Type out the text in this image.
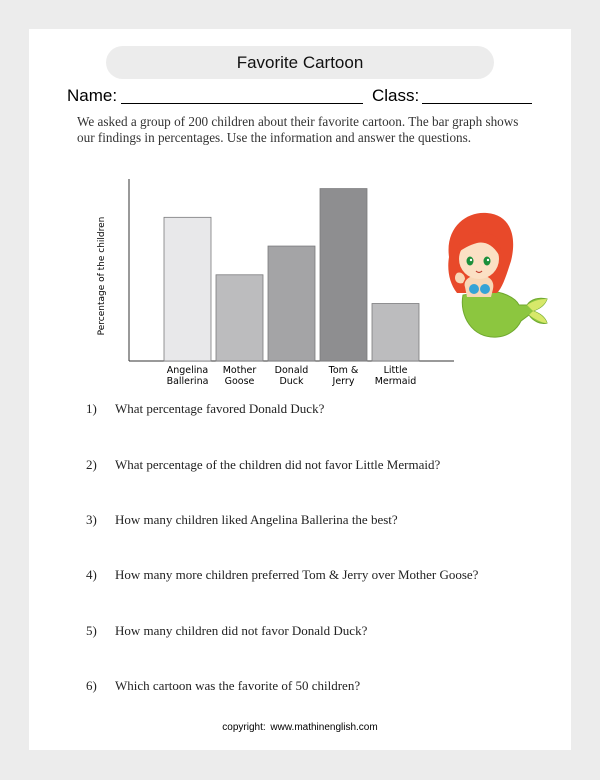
Favorite Cartoon
Name:	Class:
We asked a group of 200 children about their favorite cartoon. The bar graph shows our findings in percentages. Use the information and answer the questions.
Percentage of the children
Angelina
Ballerina
Mother
Goose
Donald
Duck
Tom &
Jerry
Little
Mermaid
1) What percentage favored Donald Duck?
2) What percentage of the children did not favor Little Mermaid?
3) How many children liked Angelina Ballerina the best?
4) How many more children preferred Tom & Jerry over Mother Goose?
5) How many children did not favor Donald Duck?
6) Which cartoon was the favorite of 50 children?
copyright: www.mathinenglish.com
